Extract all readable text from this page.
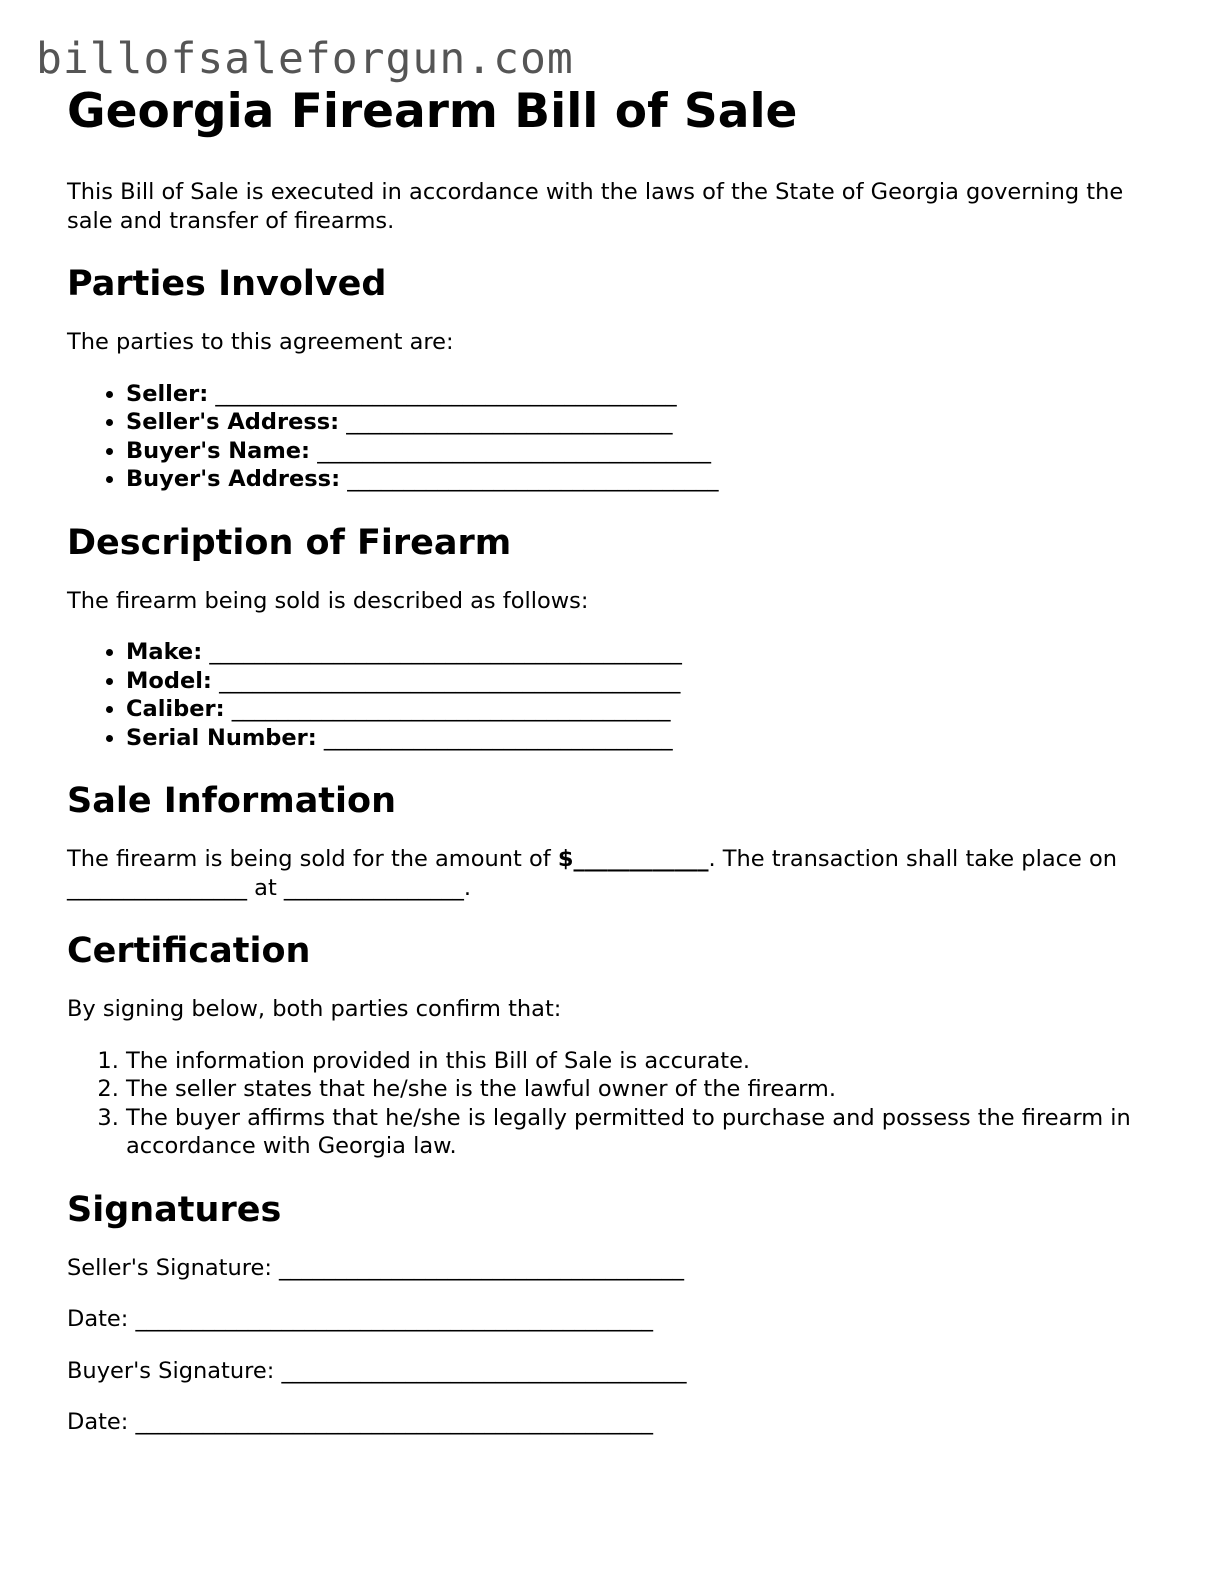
billofsaleforgun.com
Georgia Firearm Bill of Sale

This Bill of Sale is executed in accordance with the laws of the State of Georgia governing the sale and transfer of firearms.

Parties Involved

The parties to this agreement are:

• Seller: _________________________________________
• Seller's Address: _____________________________
• Buyer's Name: ___________________________________
• Buyer's Address: _________________________________
Description of Firearm

The firearm being sold is described as follows:

• Make: __________________________________________
• Model: _________________________________________
• Caliber: _______________________________________
• Serial Number: _______________________________
Sale Information

The firearm is being sold for the amount of $____________. The transaction shall take place on ________________ at ________________.

Certification

By signing below, both parties confirm that:

1. The information provided in this Bill of Sale is accurate.
2. The seller states that he/she is the lawful owner of the firearm.
3. The buyer affirms that he/she is legally permitted to purchase and possess the firearm in accordance with Georgia law.
Signatures

Seller's Signature: ____________________________________

Date: ______________________________________________

Buyer's Signature: ____________________________________

Date: ______________________________________________
